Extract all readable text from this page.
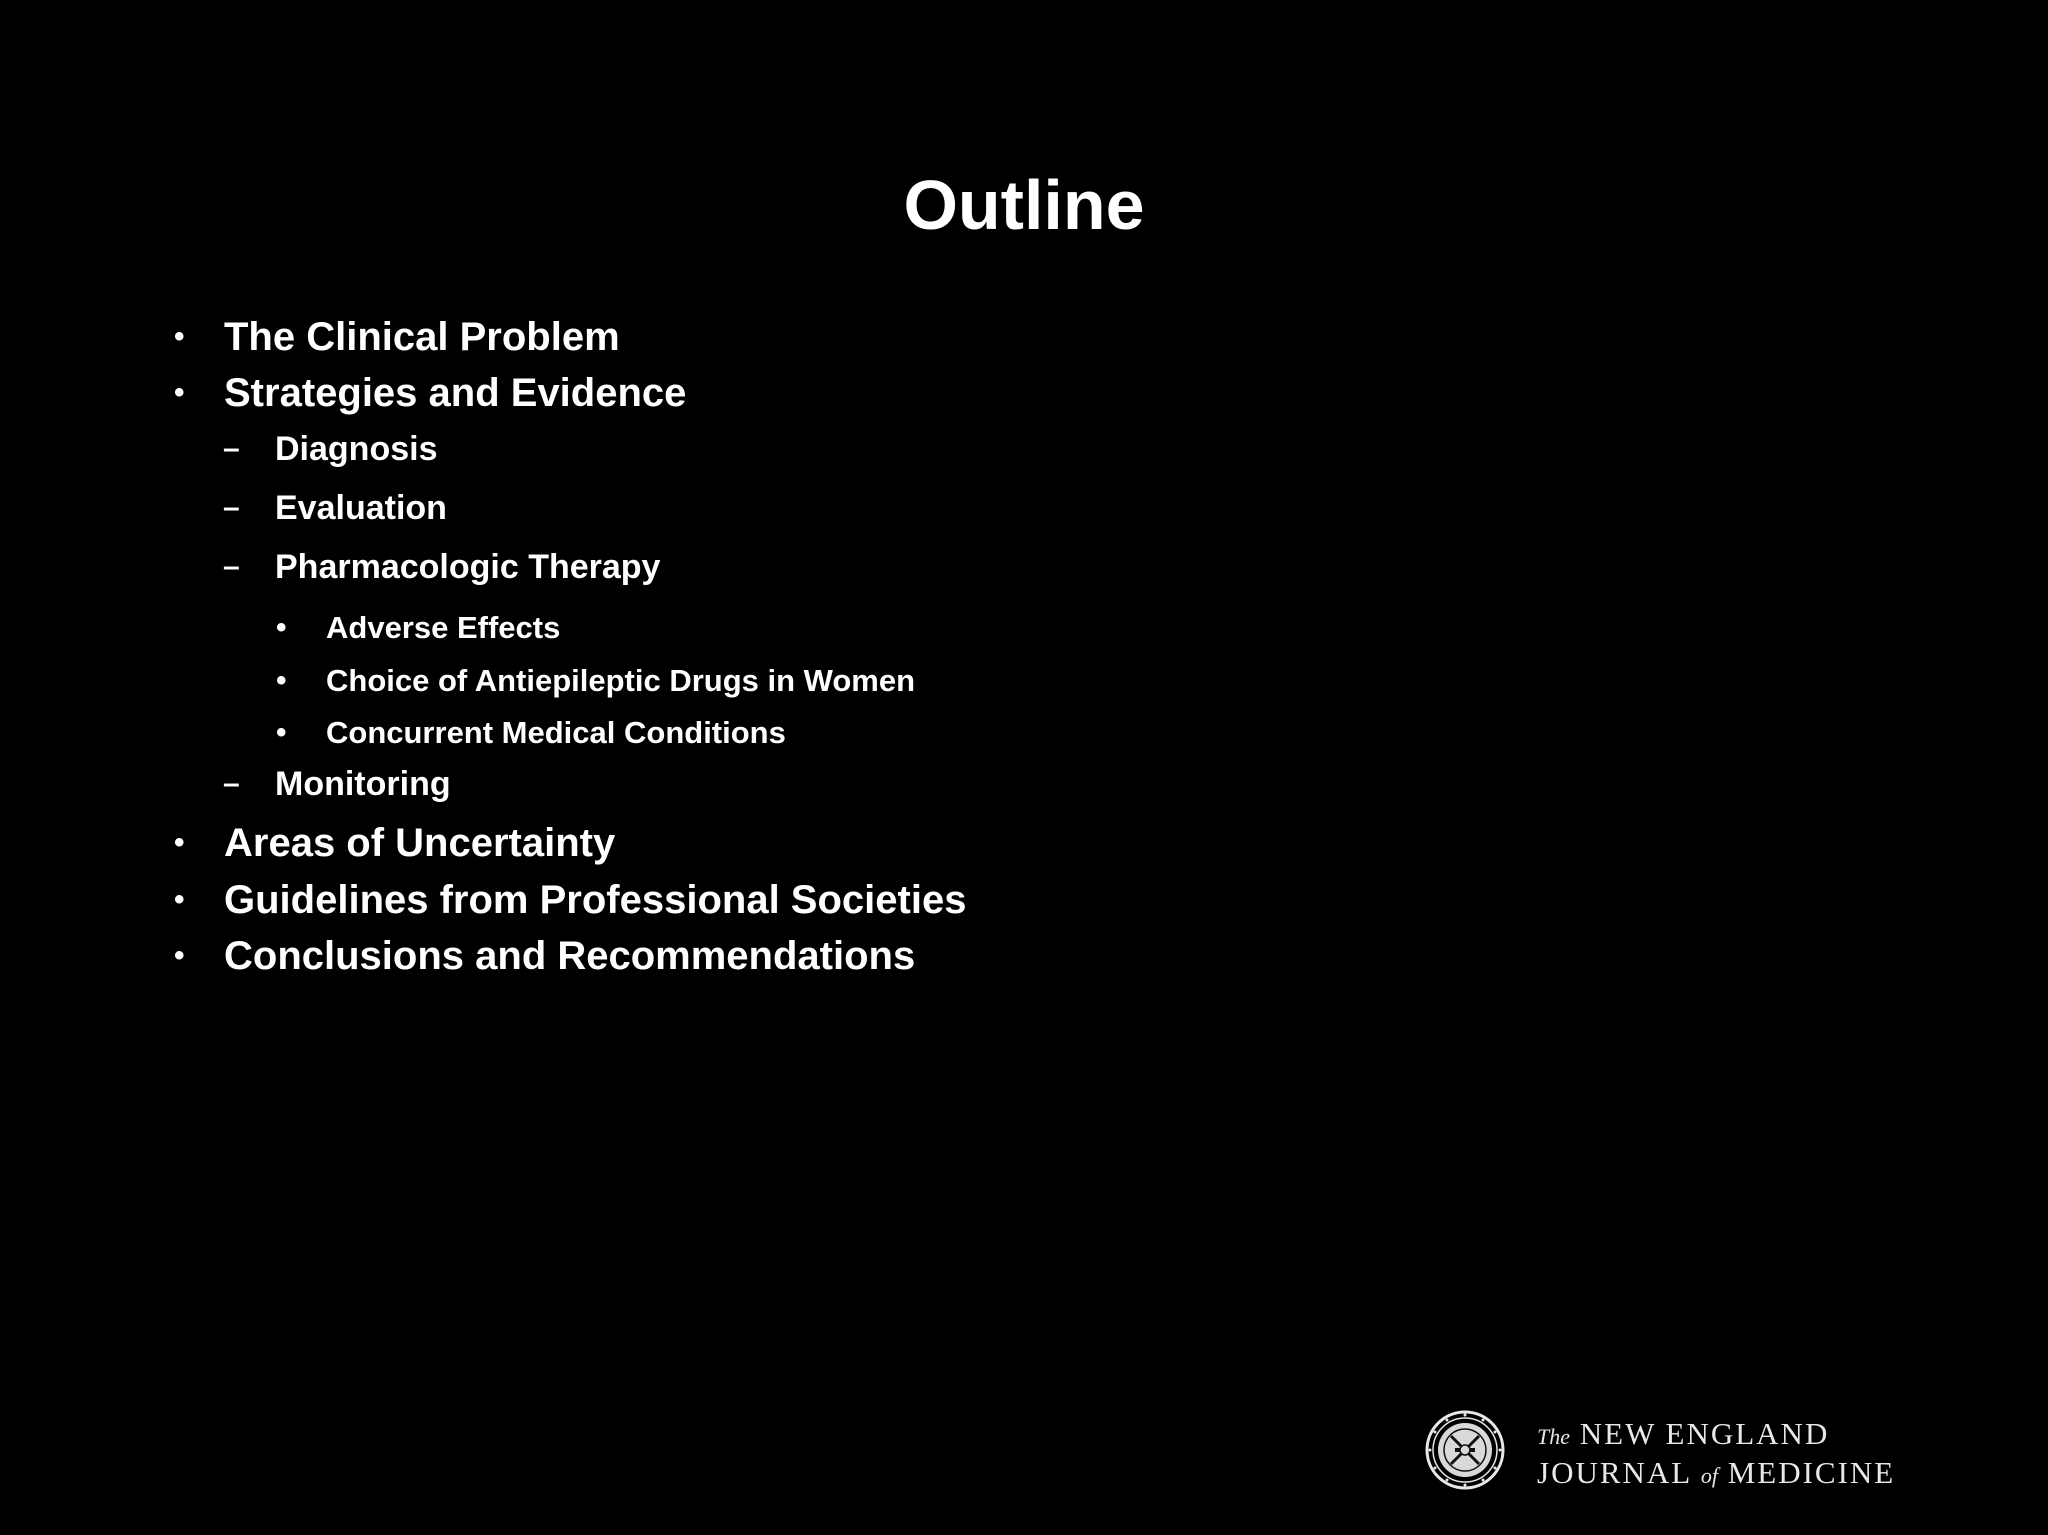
Outline
• The Clinical Problem
• Strategies and Evidence
– Diagnosis
– Evaluation
– Pharmacologic Therapy
• Adverse Effects
• Choice of Antiepileptic Drugs in Women
• Concurrent Medical Conditions
– Monitoring
• Areas of Uncertainty
• Guidelines from Professional Societies
• Conclusions and Recommendations
The NEW ENGLAND
JOURNAL of MEDICINE
